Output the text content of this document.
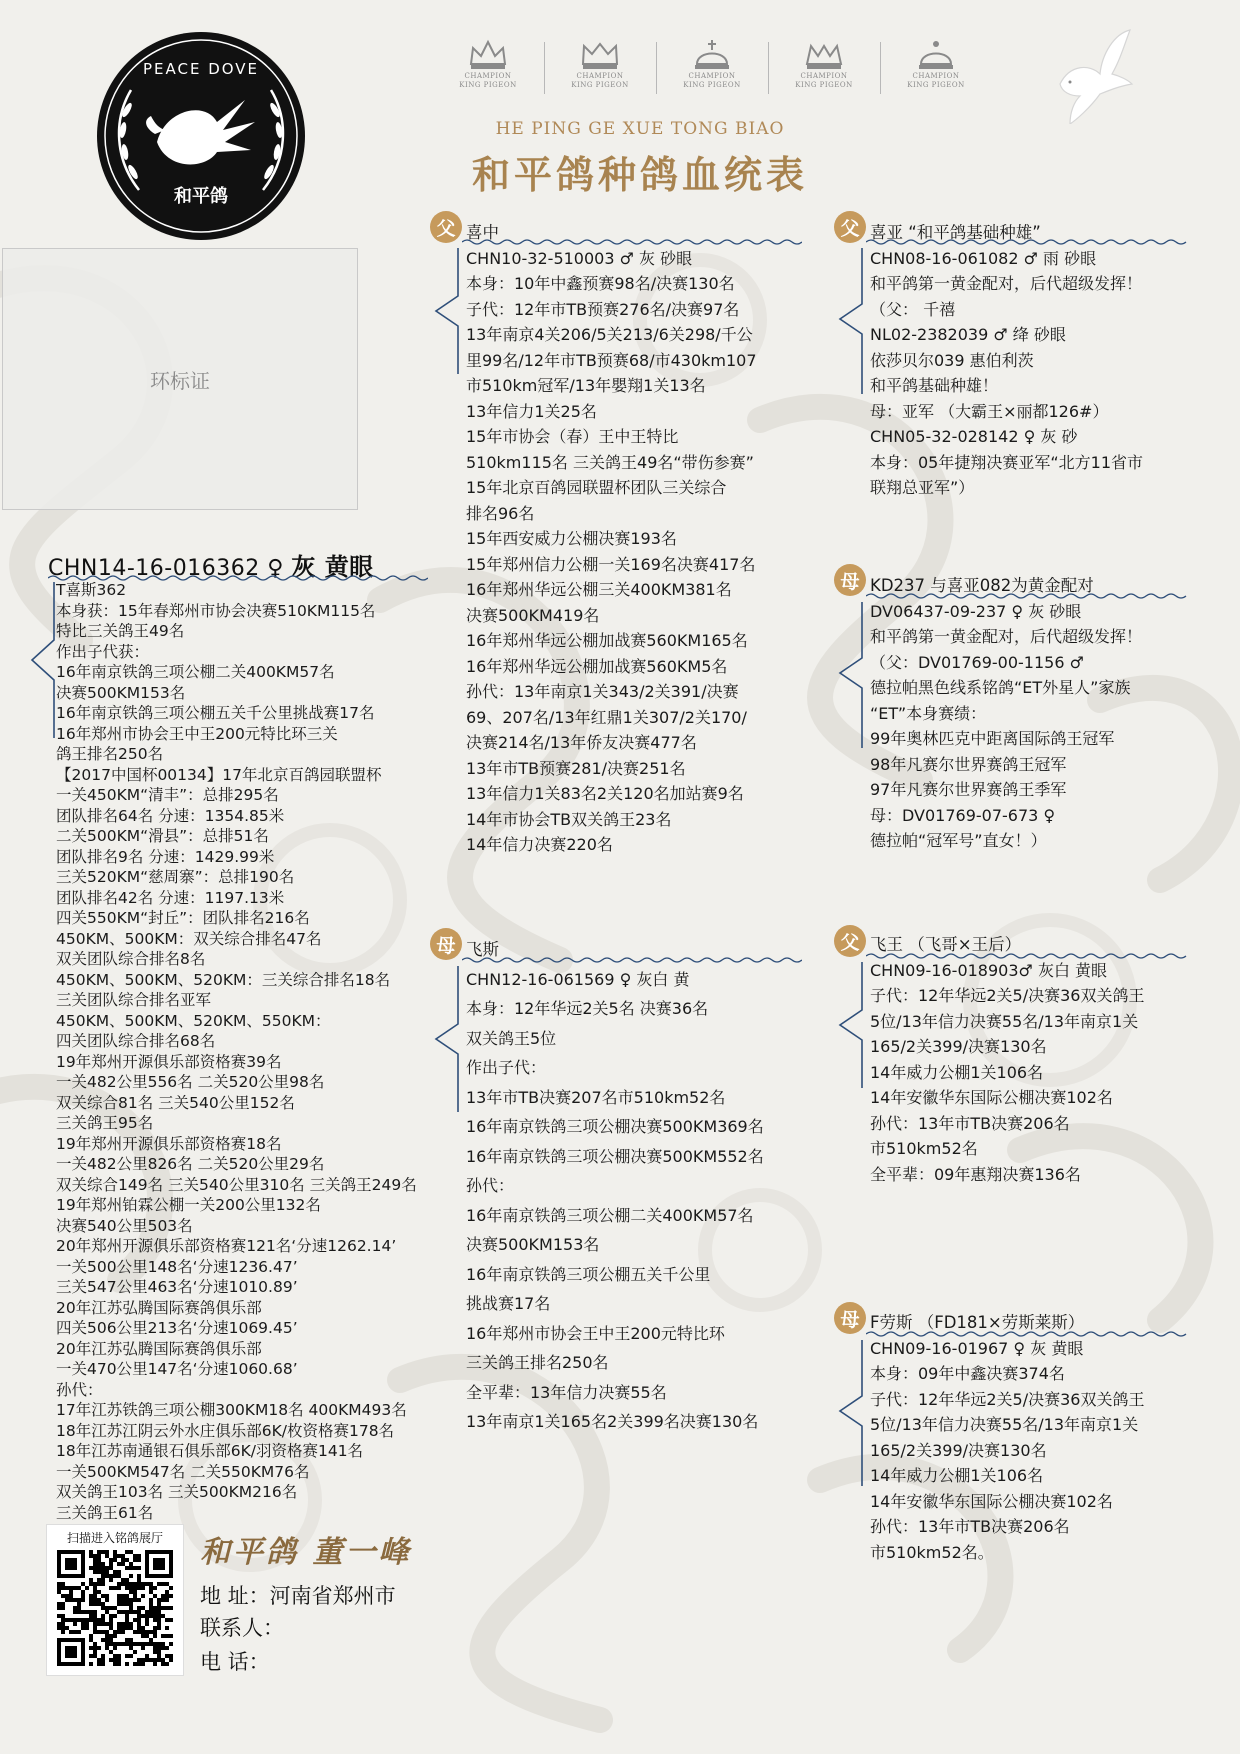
PEACE DOVE
和平鸽
CHAMPION
KING PIGEON
CHAMPION
KING PIGEON
CHAMPION
KING PIGEON
CHAMPION
KING PIGEON
CHAMPION
KING PIGEON
HE PING GE XUE TONG BIAO
和平鸽种鸽血统表
环标证
CHN14-16-016362 ♀ 灰 黄眼
T喜斯362
本身获：15年春郑州市协会决赛510KM115名
特比三关鸽王49名
作出子代获：
16年南京铁鸽三项公棚二关400KM57名
决赛500KM153名
16年南京铁鸽三项公棚五关千公里挑战赛17名
16年郑州市协会王中王200元特比环三关
鸽王排名250名
【2017中国杯00134】17年北京百鸽园联盟杯
一关450KM“清丰”：总排295名
团队排名64名 分速：1354.85米
二关500KM“滑县”：总排51名
团队排名9名 分速：1429.99米
三关520KM“慈周寨”：总排190名
团队排名42名 分速：1197.13米
四关550KM“封丘”：团队排名216名
450KM、500KM：双关综合排名47名
双关团队综合排名8名
450KM、500KM、520KM：三关综合排名18名
三关团队综合排名亚军
450KM、500KM、520KM、550KM：
四关团队综合排名68名
19年郑州开源俱乐部资格赛39名
一关482公里556名 二关520公里98名
双关综合81名 三关540公里152名
三关鸽王95名
19年郑州开源俱乐部资格赛18名
一关482公里826名 二关520公里29名
双关综合149名 三关540公里310名 三关鸽王249名
19年郑州铂霖公棚一关200公里132名
决赛540公里503名
20年郑州开源俱乐部资格赛121名‘分速1262.14’
一关500公里148名‘分速1236.47’
三关547公里463名‘分速1010.89’
20年江苏弘腾国际赛鸽俱乐部
四关506公里213名‘分速1069.45’
20年江苏弘腾国际赛鸽俱乐部
一关470公里147名‘分速1060.68’
孙代：
17年江苏铁鸽三项公棚300KM18名 400KM493名
18年江苏江阴云外水庄俱乐部6K/枚资格赛178名
18年江苏南通银石俱乐部6K/羽资格赛141名
一关500KM547名 二关550KM76名
双关鸽王103名 三关500KM216名
三关鸽王61名
父 喜中
CHN10-32-510003 ♂ 灰 砂眼
本身：10年中鑫预赛98名/决赛130名
子代：12年市TB预赛276名/决赛97名
13年南京4关206/5关213/6关298/千公
里99名/12年市TB预赛68/市430km107
市510km冠军/13年嬰翔1关13名
13年信力1关25名
15年市协会（春）王中王特比
510km115名 三关鸽王49名“带伤参赛”
15年北京百鸽园联盟杯团队三关综合
排名96名
15年西安威力公棚决赛193名
15年郑州信力公棚一关169名决赛417名
16年郑州华远公棚三关400KM381名
决赛500KM419名
16年郑州华远公棚加战赛560KM165名
16年郑州华远公棚加战赛560KM5名
孙代：13年南京1关343/2关391/决赛
69、207名/13年红鼎1关307/2关170/
决赛214名/13年侨友决赛477名
13年市TB预赛281/决赛251名
13年信力1关83名2关120名加站赛9名
14年市协会TB双关鸽王23名
14年信力决赛220名
母 飞斯
CHN12-16-061569 ♀ 灰白 黄
本身：12年华远2关5名 决赛36名
双关鸽王5位
作出子代：
13年市TB决赛207名市510km52名
16年南京铁鸽三项公棚决赛500KM369名
16年南京铁鸽三项公棚决赛500KM552名
孙代：
16年南京铁鸽三项公棚二关400KM57名
决赛500KM153名
16年南京铁鸽三项公棚五关千公里
挑战赛17名
16年郑州市协会王中王200元特比环
三关鸽王排名250名
全平辈：13年信力决赛55名
13年南京1关165名2关399名决赛130名
父 喜亚 “和平鸽基础种雄”
CHN08-16-061082 ♂ 雨 砂眼
和平鸽第一黄金配对，后代超级发挥！
（父： 千禧
NL02-2382039 ♂ 绛 砂眼
依莎贝尔039 惠伯利茨
和平鸽基础种雄！
母：亚军 （大霸王×丽都126#）
CHN05-32-028142 ♀ 灰 砂
本身：05年捷翔决赛亚军“北方11省市
联翔总亚军”）
母 KD237 与喜亚082为黄金配对
DV06437-09-237 ♀ 灰 砂眼
和平鸽第一黄金配对，后代超级发挥！
（父：DV01769-00-1156 ♂
德拉帕黑色线系铭鸽“ET外星人”家族
“ET”本身赛绩：
99年奥林匹克中距离国际鸽王冠军
98年凡赛尔世界赛鸽王冠军
97年凡赛尔世界赛鸽王季军
母：DV01769-07-673 ♀
德拉帕“冠军号”直女！）
父 飞王 （飞哥×王后）
CHN09-16-018903♂ 灰白 黄眼
子代：12年华远2关5/决赛36双关鸽王
5位/13年信力决赛55名/13年南京1关
165/2关399/决赛130名
14年威力公棚1关106名
14年安徽华东国际公棚决赛102名
孙代：13年市TB决赛206名
市510km52名
全平辈：09年惠翔决赛136名
母 F劳斯 （FD181×劳斯莱斯）
CHN09-16-01967 ♀ 灰 黄眼
本身：09年中鑫决赛374名
子代：12年华远2关5/决赛36双关鸽王
5位/13年信力决赛55名/13年南京1关
165/2关399/决赛130名
14年威力公棚1关106名
14年安徽华东国际公棚决赛102名
孙代：13年市TB决赛206名
市510km52名。
扫描进入铭鸽展厅	和平鸽 董一峰
地 址：河南省郑州市
联系人：
电 话：
